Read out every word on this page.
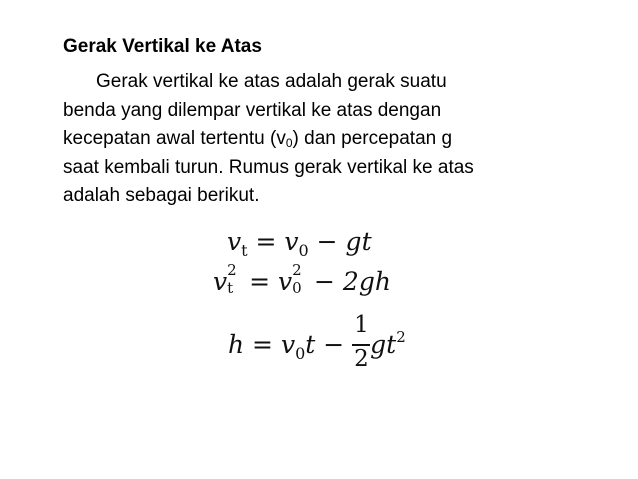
Gerak Vertikal ke Atas
Gerak vertikal ke atas adalah gerak suatu
benda yang dilempar vertikal ke atas dengan
kecepatan awal tertentu $(v_0)$ dan percepatan g
saat kembali turun. Rumus gerak vertikal ke atas
adalah sebagai berikut.
$v_t = v_0$ − gt
v 2
t = v 2
0 − 2gh
$h = v_0t - \frac{1}{2} gt^2$
